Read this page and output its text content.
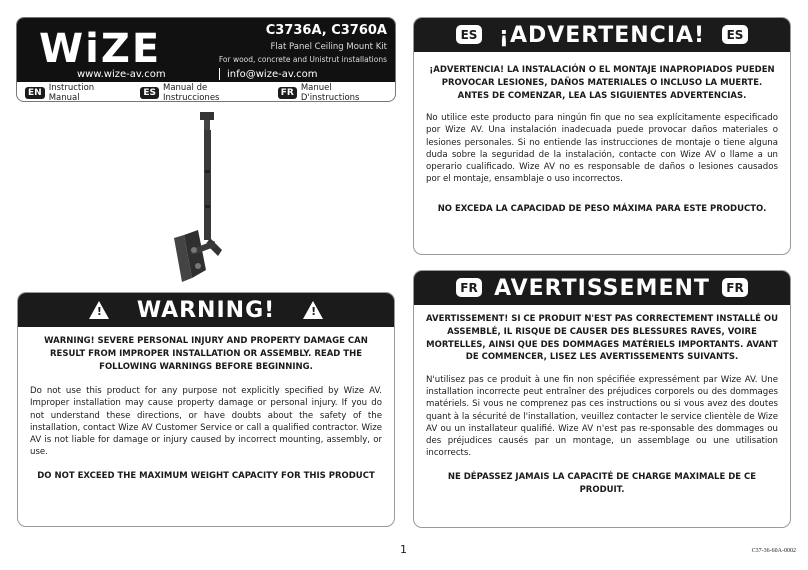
WiZE	C3736A, C3760A
Flat Panel Ceiling Mount Kit
For wood, concrete and Unistrut installations
www.wize-av.com	info@wize-av.com
EN Instruction Manual	ES Manual de Instrucciones	FR Manuel D'instructions
! WARNING!	!

WARNING! SEVERE PERSONAL INJURY AND PROPERTY DAMAGE CAN RESULT FROM IMPROPER INSTALLATION OR ASSEMBLY. READ THE FOLLOWING WARNINGS BEFORE BEGINNING.

Do not use this product for any purpose not explicitly specified by Wize AV. Improper installation may cause property damage or personal injury. If you do not understand these directions, or have doubts about the safety of the installation, contact Wize AV Customer Service or call a qualified contractor. Wize AV is not liable for damage or injury caused by incorrect mounting, assembly, or use.

DO NOT EXCEED THE MAXIMUM WEIGHT CAPACITY FOR THIS PRODUCT

ES ¡ADVERTENCIA!	ES

¡ADVERTENCIA! LA INSTALACIÓN O EL MONTAJE INAPROPIADOS PUEDEN PROVOCAR LESIONES, DAÑOS MATERIALES O INCLUSO LA MUERTE. ANTES DE COMENZAR, LEA LAS SIGUIENTES ADVERTENCIAS.

No utilice este producto para ningún fin que no sea explícitamente especificado por Wize AV. Una instalación inadecuada puede provocar daños materiales o lesiones personales. Si no entiende las instrucciones de montaje o tiene alguna duda sobre la seguridad de la instalación, contacte con Wize AV o llame a un operario cualificado. Wize AV no es responsable de daños o lesiones causados por el montaje, ensamblaje o uso incorrectos.

NO EXCEDA LA CAPACIDAD DE PESO MÁXIMA PARA ESTE PRODUCTO.

FR AVERTISSEMENT	FR

AVERTISSEMENT! SI CE PRODUIT N'EST PAS CORRECTEMENT INSTALLÉ OU ASSEMBLÉ, IL RISQUE DE CAUSER DES BLESSURES RAVES, VOIRE MORTELLES, AINSI QUE DES DOMMAGES MATÉRIELS IMPORTANTS. AVANT DE COMMENCER, LISEZ LES AVERTISSEMENTS SUIVANTS.

N'utilisez pas ce produit à une fin non spécifiée expressément par Wize AV. Une installation incorrecte peut entraîner des préjudices corporels ou des dommages matériels. Si vous ne comprenez pas ces instructions ou si vous avez des doutes quant à la sécurité de l'installation, veuillez contacter le service clientèle de Wize AV ou un installateur qualifié. Wize AV n'est pas re-sponsable des dommages ou des préjudices causés par un montage, un assemblage ou une utilisation incorrects.

NE DÉPASSEZ JAMAIS LA CAPACITÉ DE CHARGE MAXIMALE DE CE PRODUIT.

1	C37-36-60A-0002
